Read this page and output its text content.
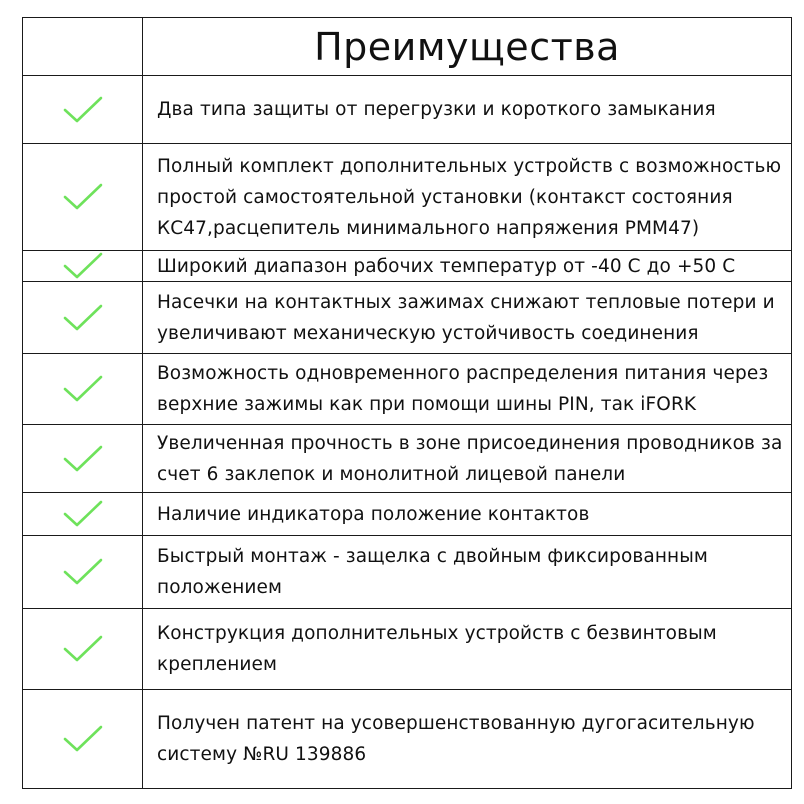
Преимущества
Два типа защиты от перегрузки и короткого замыкания
Полный комплект дополнительных устройств с возможностью простой самостоятельной установки (контакст состояния КС47,расцепитель минимального напряжения РММ47)
Широкий диапазон рабочих температур от -40 С до +50 С
Насечки на контактных зажимах снижают тепловые потери и увеличивают механическую устойчивость соединения
Возможность одновременного распределения питания через верхние зажимы как при помощи шины PIN, так iFORK
Увеличенная прочность в зоне присоединения проводников за счет 6 заклепок и монолитной лицевой панели
Наличие индикатора положение контактов
Быстрый монтаж - защелка с двойным фиксированным положением
Конструкция дополнительных устройств с безвинтовым креплением
Получен патент на усовершенствованную дугогасительную систему №RU 139886
